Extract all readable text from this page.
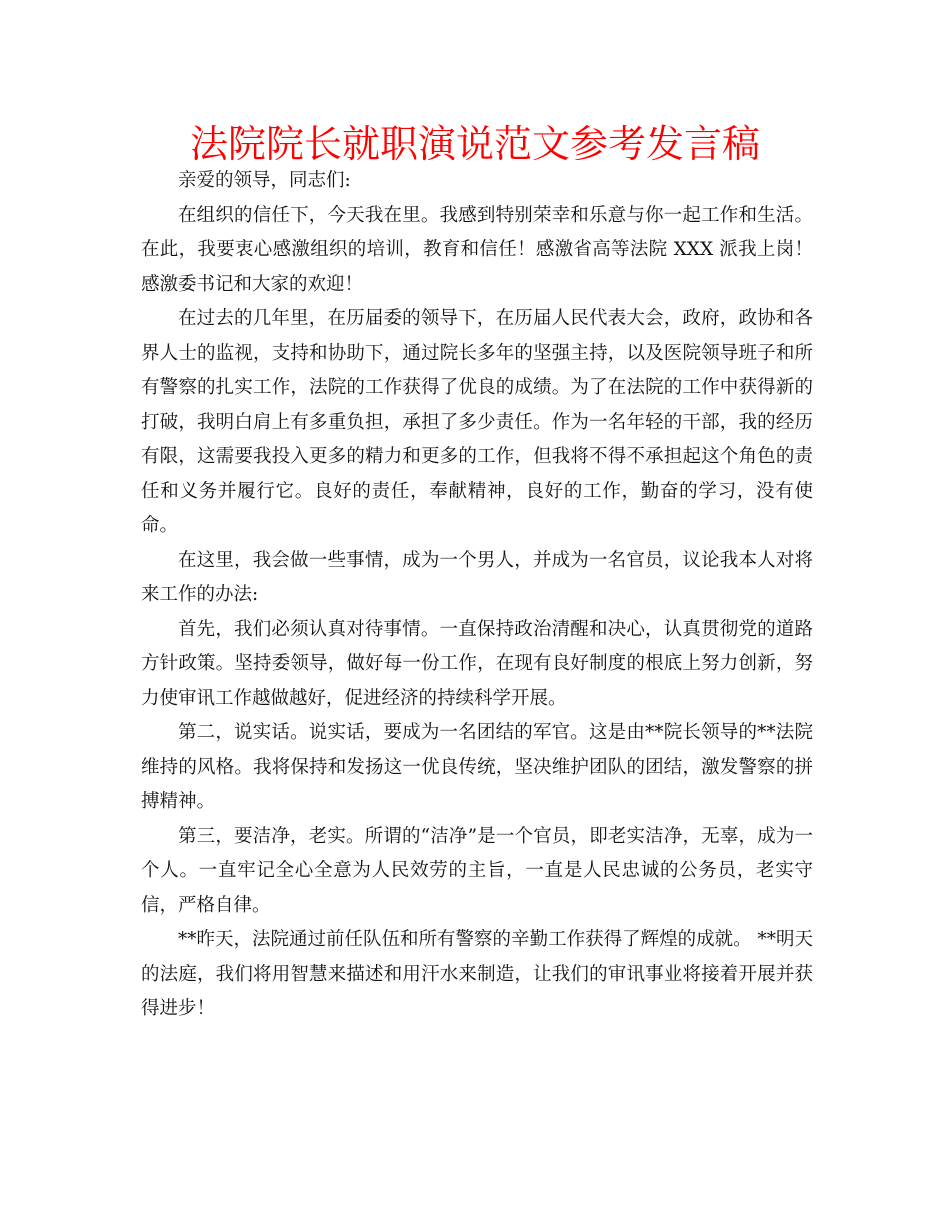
法院院长就职演说范文参考发言稿

亲爱的领导，同志们:

在组织的信任下，今天我在里。我感到特别荣幸和乐意与你一起工作和生活。在此，我要衷心感激组织的培训，教育和信任！感激省高等法院 XXX 派我上岗！感激委书记和大家的欢迎！

在过去的几年里，在历届委的领导下，在历届人民代表大会，政府，政协和各界人士的监视，支持和协助下，通过院长多年的坚强主持，以及医院领导班子和所有警察的扎实工作，法院的工作获得了优良的成绩。为了在法院的工作中获得新的打破，我明白肩上有多重负担，承担了多少责任。作为一名年轻的干部，我的经历有限，这需要我投入更多的精力和更多的工作，但我将不得不承担起这个角色的责任和义务并履行它。良好的责任，奉献精神，良好的工作，勤奋的学习，没有使命。

在这里，我会做一些事情，成为一个男人，并成为一名官员，议论我本人对将来工作的办法:

首先，我们必须认真对待事情。一直保持政治清醒和决心，认真贯彻党的道路方针政策。坚持委领导，做好每一份工作，在现有良好制度的根底上努力创新，努力使审讯工作越做越好，促进经济的持续科学开展。

第二，说实话。说实话，要成为一名团结的军官。这是由**院长领导的**法院维持的风格。我将保持和发扬这一优良传统，坚决维护团队的团结，激发警察的拼搏精神。

第三，要洁净，老实。所谓的“洁净”是一个官员，即老实洁净，无辜，成为一个人。一直牢记全心全意为人民效劳的主旨，一直是人民忠诚的公务员，老实守信，严格自律。

**昨天，法院通过前任队伍和所有警察的辛勤工作获得了辉煌的成就。 **明天的法庭，我们将用智慧来描述和用汗水来制造，让我们的审讯事业将接着开展并获得进步！
